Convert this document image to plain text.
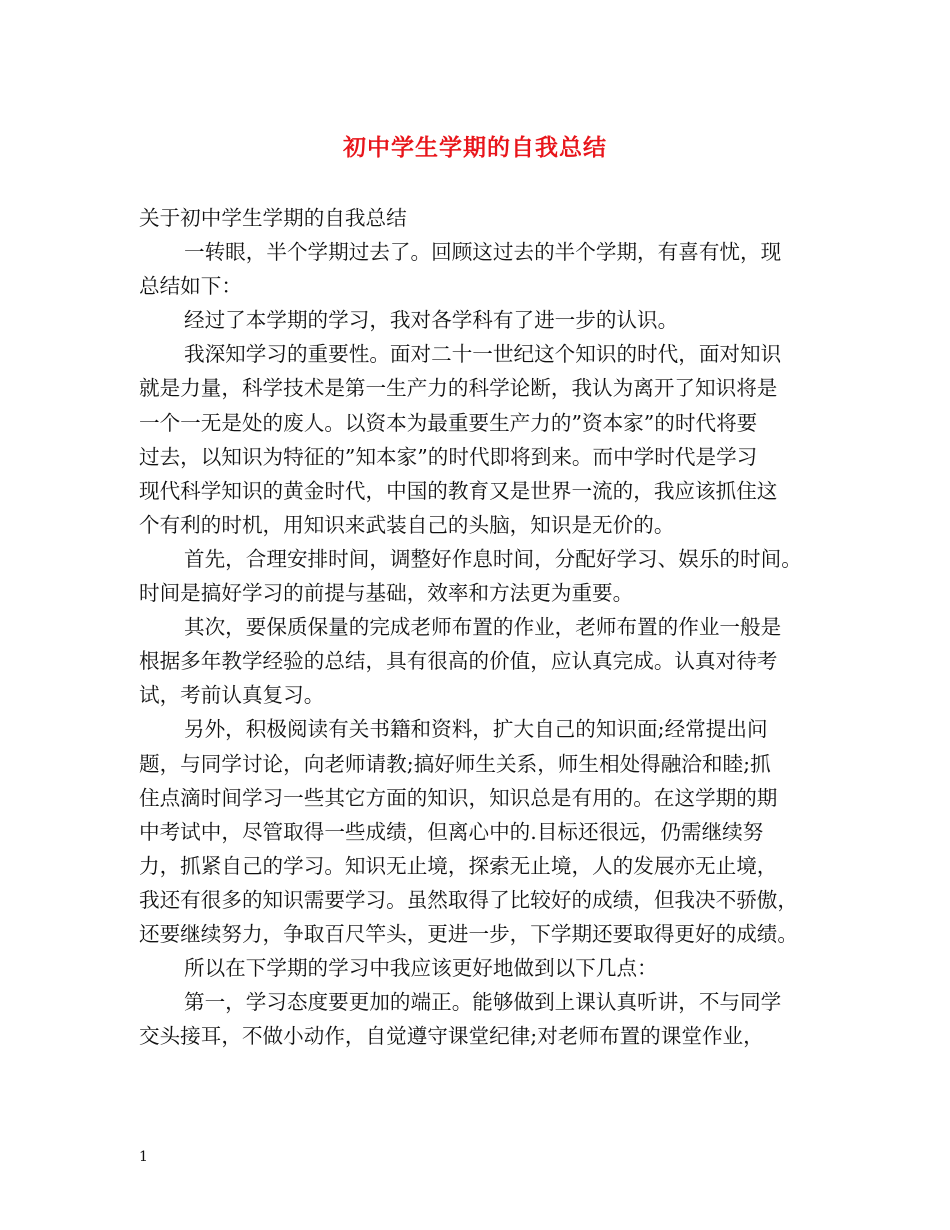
初中学生学期的自我总结
关于初中学生学期的自我总结
一转眼，半个学期过去了。回顾这过去的半个学期，有喜有忧，现
总结如下：
经过了本学期的学习，我对各学科有了进一步的认识。
我深知学习的重要性。面对二十一世纪这个知识的时代，面对知识
就是力量，科学技术是第一生产力的科学论断，我认为离开了知识将是
一个一无是处的废人。以资本为最重要生产力的”资本家”的时代将要
过去，以知识为特征的”知本家”的时代即将到来。而中学时代是学习
现代科学知识的黄金时代，中国的教育又是世界一流的，我应该抓住这
个有利的时机，用知识来武装自己的头脑，知识是无价的。
首先，合理安排时间，调整好作息时间，分配好学习、娱乐的时间。
时间是搞好学习的前提与基础，效率和方法更为重要。
其次，要保质保量的完成老师布置的作业，老师布置的作业一般是
根据多年教学经验的总结，具有很高的价值，应认真完成。认真对待考
试，考前认真复习。
另外，积极阅读有关书籍和资料，扩大自己的知识面;经常提出问
题，与同学讨论，向老师请教;搞好师生关系，师生相处得融洽和睦;抓
住点滴时间学习一些其它方面的知识，知识总是有用的。在这学期的期
中考试中，尽管取得一些成绩，但离心中的.目标还很远，仍需继续努
力，抓紧自己的学习。知识无止境，探索无止境，人的发展亦无止境，
我还有很多的知识需要学习。虽然取得了比较好的成绩，但我决不骄傲，
还要继续努力，争取百尺竿头，更进一步，下学期还要取得更好的成绩。
所以在下学期的学习中我应该更好地做到以下几点：
第一，学习态度要更加的端正。能够做到上课认真听讲，不与同学
交头接耳，不做小动作，自觉遵守课堂纪律;对老师布置的课堂作业，
1
